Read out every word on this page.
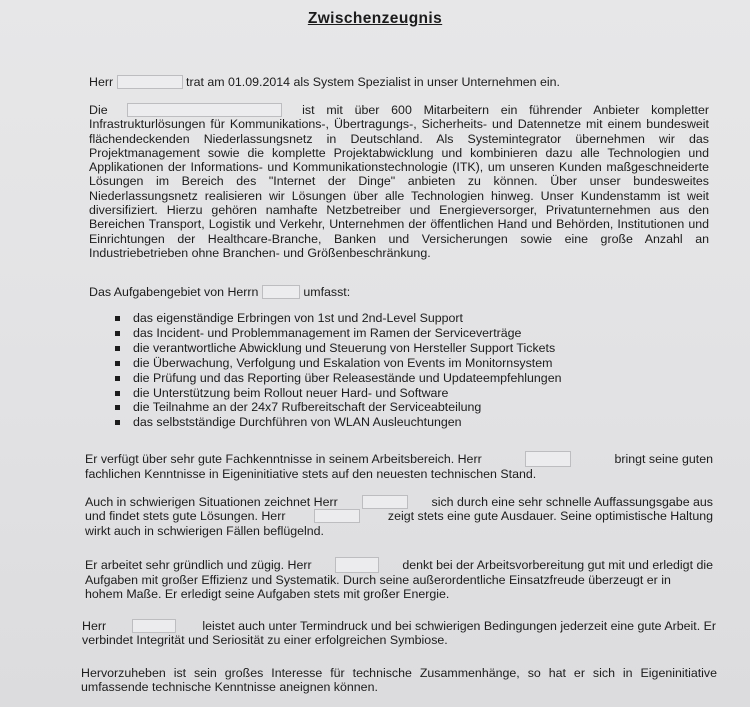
Zwischenzeugnis
Herr	trat am 01.09.2014 als System Spezialist in unser Unternehmen ein.
Die	ist mit über 600 Mitarbeitern ein führender Anbieter kompletter
Infrastrukturlösungen für Kommunikations-, Übertragungs-, Sicherheits- und Datennetze mit einem bundesweit flächendeckenden Niederlassungsnetz in Deutschland. Als Systemintegrator übernehmen wir das Projektmanagement sowie die komplette Projektabwicklung und kombinieren dazu alle Technologien und Applikationen der Informations- und Kommunikationstechnologie (ITK), um unseren Kunden maßgeschneiderte Lösungen im Bereich des "Internet der Dinge" anbieten zu können. Über unser bundesweites Niederlassungsnetz realisieren wir Lösungen über alle Technologien hinweg. Unser Kundenstamm ist weit diversifiziert. Hierzu gehören namhafte Netzbetreiber und Energieversorger, Privatunternehmen aus den Bereichen Transport, Logistik und Verkehr, Unternehmen der öffentlichen Hand und Behörden, Institutionen und Einrichtungen der Healthcare-Branche, Banken und Versicherungen sowie eine große Anzahl an Industriebetrieben ohne Branchen- und Größenbeschränkung.
Das Aufgabengebiet von Herrn	umfasst:
das eigenständige Erbringen von 1st und 2nd-Level Support
das Incident- und Problemmanagement im Ramen der Serviceverträge
die verantwortliche Abwicklung und Steuerung von Hersteller Support Tickets
die Überwachung, Verfolgung und Eskalation von Events im Monitornsystem
die Prüfung und das Reporting über Releasestände und Updateempfehlungen
die Unterstützung beim Rollout neuer Hard- und Software
die Teilnahme an der 24x7 Rufbereitschaft der Serviceabteilung
das selbstständige Durchführen von WLAN Ausleuchtungen
Er verfügt über sehr gute Fachkenntnisse in seinem Arbeitsbereich. Herr	bringt seine guten
fachlichen Kenntnisse in Eigeninitiative stets auf den neuesten technischen Stand.
Auch in schwierigen Situationen zeichnet Herr	sich durch eine sehr schnelle Auffassungsgabe aus
und findet stets gute Lösungen. Herr	zeigt stets eine gute Ausdauer. Seine optimistische Haltung
wirkt auch in schwierigen Fällen beflügelnd.
Er arbeitet sehr gründlich und zügig. Herr	denkt bei der Arbeitsvorbereitung gut mit und erledigt die
Aufgaben mit großer Effizienz und Systematik. Durch seine außerordentliche Einsatzfreude überzeugt er in
hohem Maße. Er erledigt seine Aufgaben stets mit großer Energie.
Herr	leistet auch unter Termindruck und bei schwierigen Bedingungen jederzeit eine gute Arbeit. Er
verbindet Integrität und Seriosität zu einer erfolgreichen Symbiose.
Hervorzuheben ist sein großes Interesse für technische Zusammenhänge, so hat er sich in Eigeninitiative
umfassende technische Kenntnisse aneignen können.
